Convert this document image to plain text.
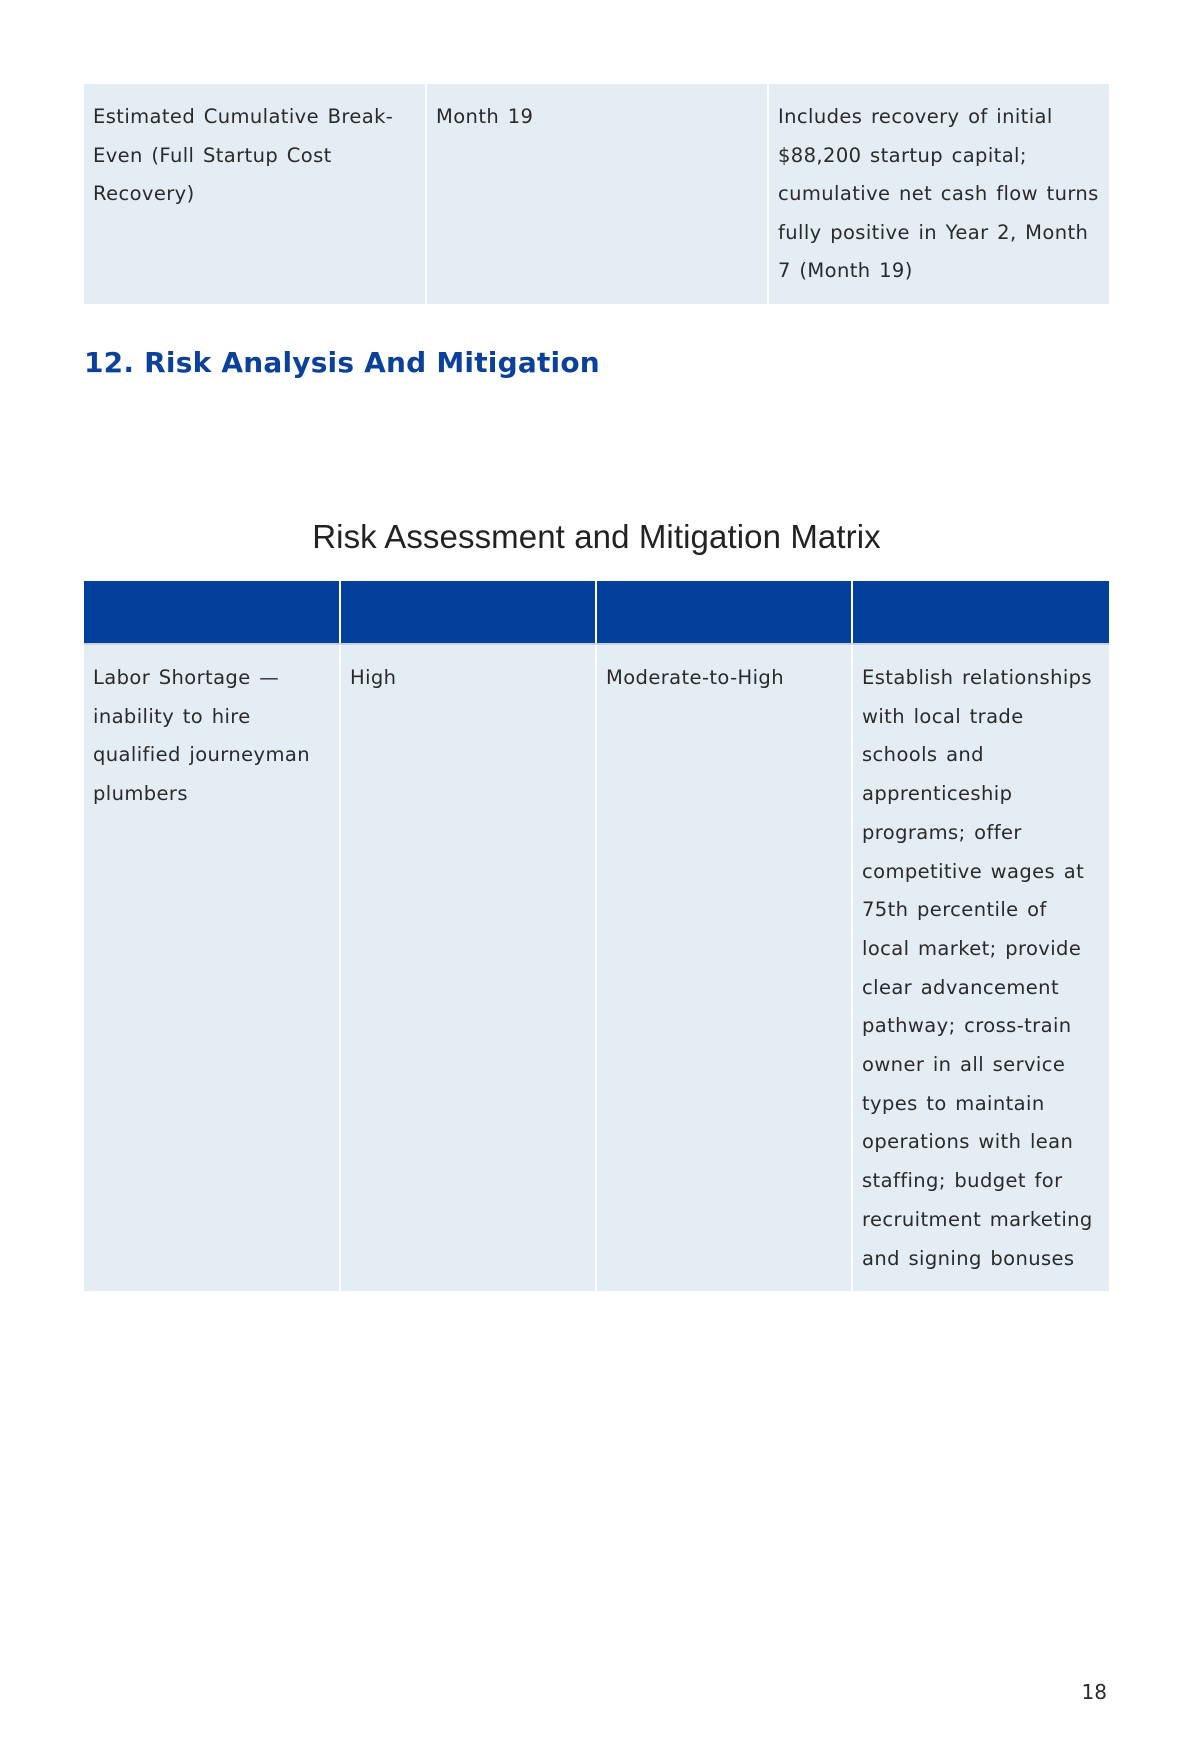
Estimated Cumulative Break-Even (Full Startup Cost Recovery)	Month 19	Includes recovery of initial $88,200 startup capital; cumulative net cash flow turns fully positive in Year 2, Month 7 (Month 19)
12. Risk Analysis And Mitigation
Risk Assessment and Mitigation Matrix

Labor Shortage — inability to hire qualified journeyman plumbers	High	Moderate-to-High	Establish relationships with local trade schools and apprenticeship programs; offer competitive wages at 75th percentile of local market; provide clear advancement pathway; cross-train owner in all service types to maintain operations with lean staffing; budget for recruitment marketing and signing bonuses
18
